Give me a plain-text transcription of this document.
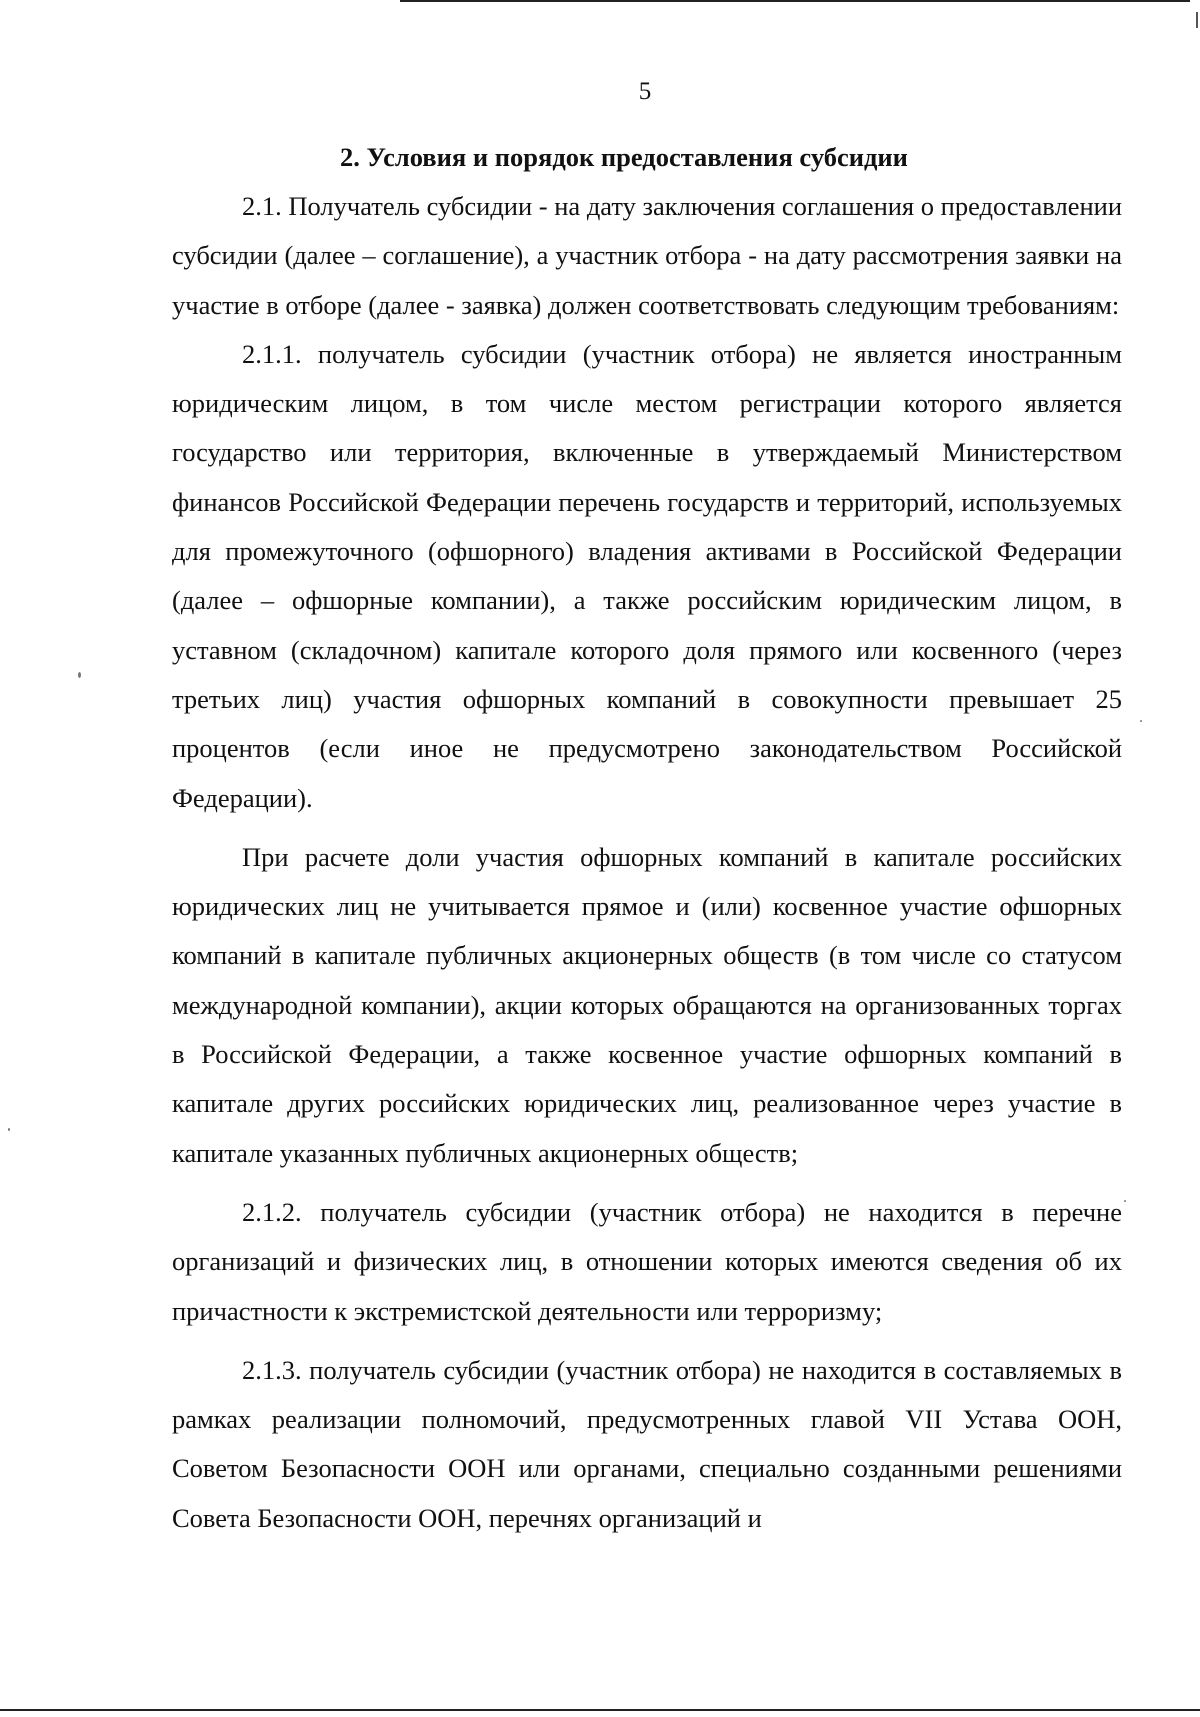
5
2. Условия и порядок предоставления субсидии

2.1. Получатель субсидии - на дату заключения соглашения о предоставлении субсидии (далее – соглашение), а участник отбора - на дату рассмотрения заявки на участие в отборе (далее - заявка) должен соответствовать следующим требованиям:

2.1.1. получатель субсидии (участник отбора) не является иностранным юридическим лицом, в том числе местом регистрации которого является государство или территория, включенные в утверждаемый Министерством финансов Российской Федерации перечень государств и территорий, используемых для промежуточного (офшорного) владения активами в Российской Федерации (далее – офшорные компании), а также российским юридическим лицом, в уставном (складочном) капитале которого доля прямого или косвенного (через третьих лиц) участия офшорных компаний в совокупности превышает 25 процентов (если иное не предусмотрено законодательством Российской Федерации).

При расчете доли участия офшорных компаний в капитале российских юридических лиц не учитывается прямое и (или) косвенное участие офшорных компаний в капитале публичных акционерных обществ (в том числе со статусом международной компании), акции которых обращаются на организованных торгах в Российской Федерации, а также косвенное участие офшорных компаний в капитале других российских юридических лиц, реализованное через участие в капитале указанных публичных акционерных обществ;

2.1.2. получатель субсидии (участник отбора) не находится в перечне организаций и физических лиц, в отношении которых имеются сведения об их причастности к экстремистской деятельности или терроризму;

2.1.3. получатель субсидии (участник отбора) не находится в составляемых в рамках реализации полномочий, предусмотренных главой VII Устава ООН, Советом Безопасности ООН или органами, специально созданными решениями Совета Безопасности ООН, перечнях организаций и
